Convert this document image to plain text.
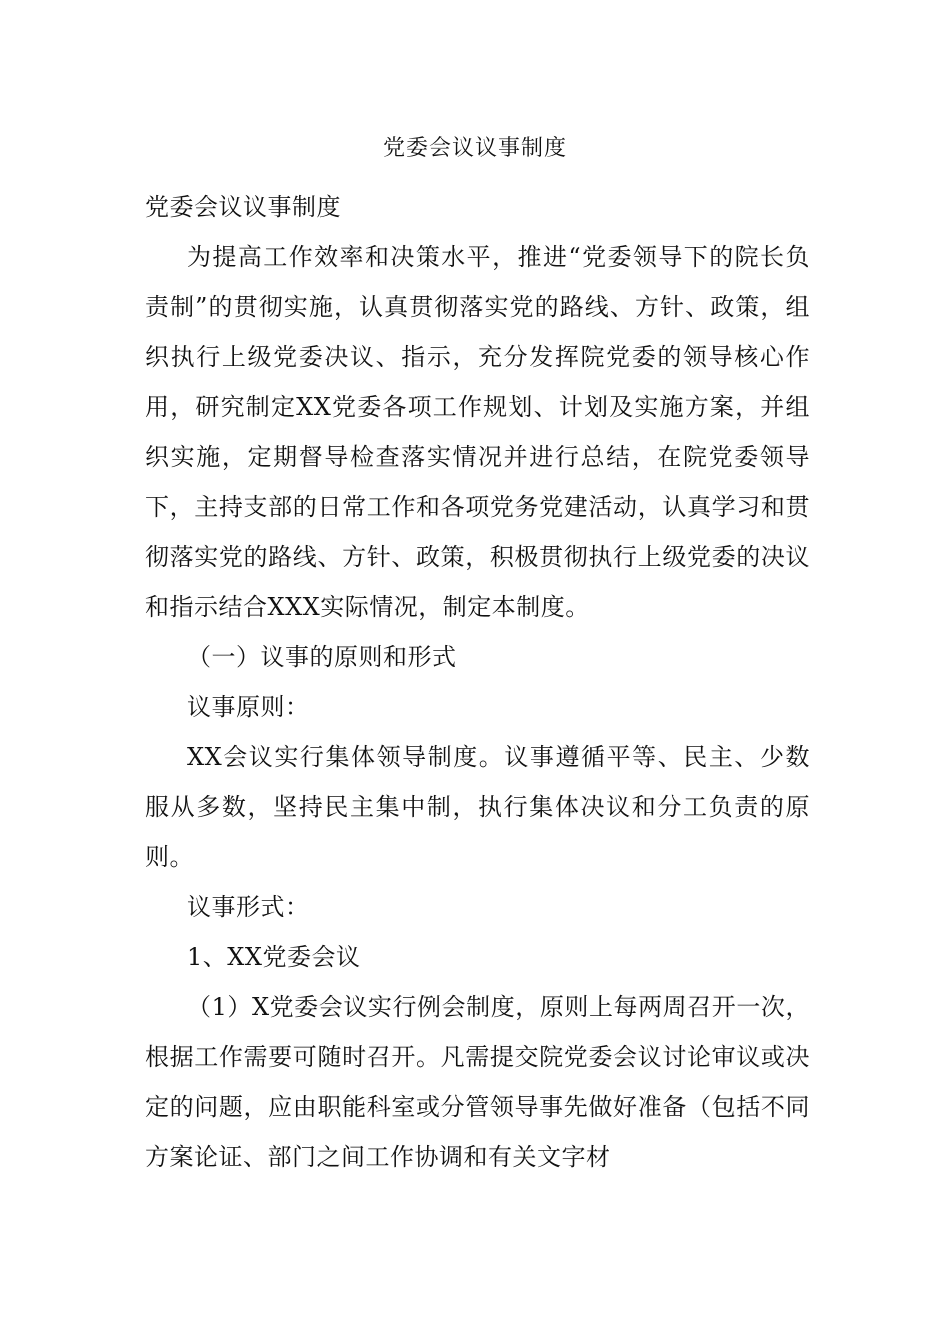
党委会议议事制度

党委会议议事制度

为提高工作效率和决策水平，推进“党委领导下的院长负责制”的贯彻实施，认真贯彻落实党的路线、方针、政策，组织执行上级党委决议、指示，充分发挥院党委的领导核心作用，研究制定XX党委各项工作规划、计划及实施方案，并组织实施，定期督导检查落实情况并进行总结，在院党委领导下，主持支部的日常工作和各项党务党建活动，认真学习和贯彻落实党的路线、方针、政策，积极贯彻执行上级党委的决议和指示结合XXX实际情况，制定本制度。

（一）议事的原则和形式

议事原则：

XX会议实行集体领导制度。议事遵循平等、民主、少数服从多数，坚持民主集中制，执行集体决议和分工负责的原则。

议事形式：

1、XX党委会议

（1）X党委会议实行例会制度，原则上每两周召开一次，根据工作需要可随时召开。凡需提交院党委会议讨论审议或决定的问题，应由职能科室或分管领导事先做好准备（包括不同方案论证、部门之间工作协调和有关文字材
